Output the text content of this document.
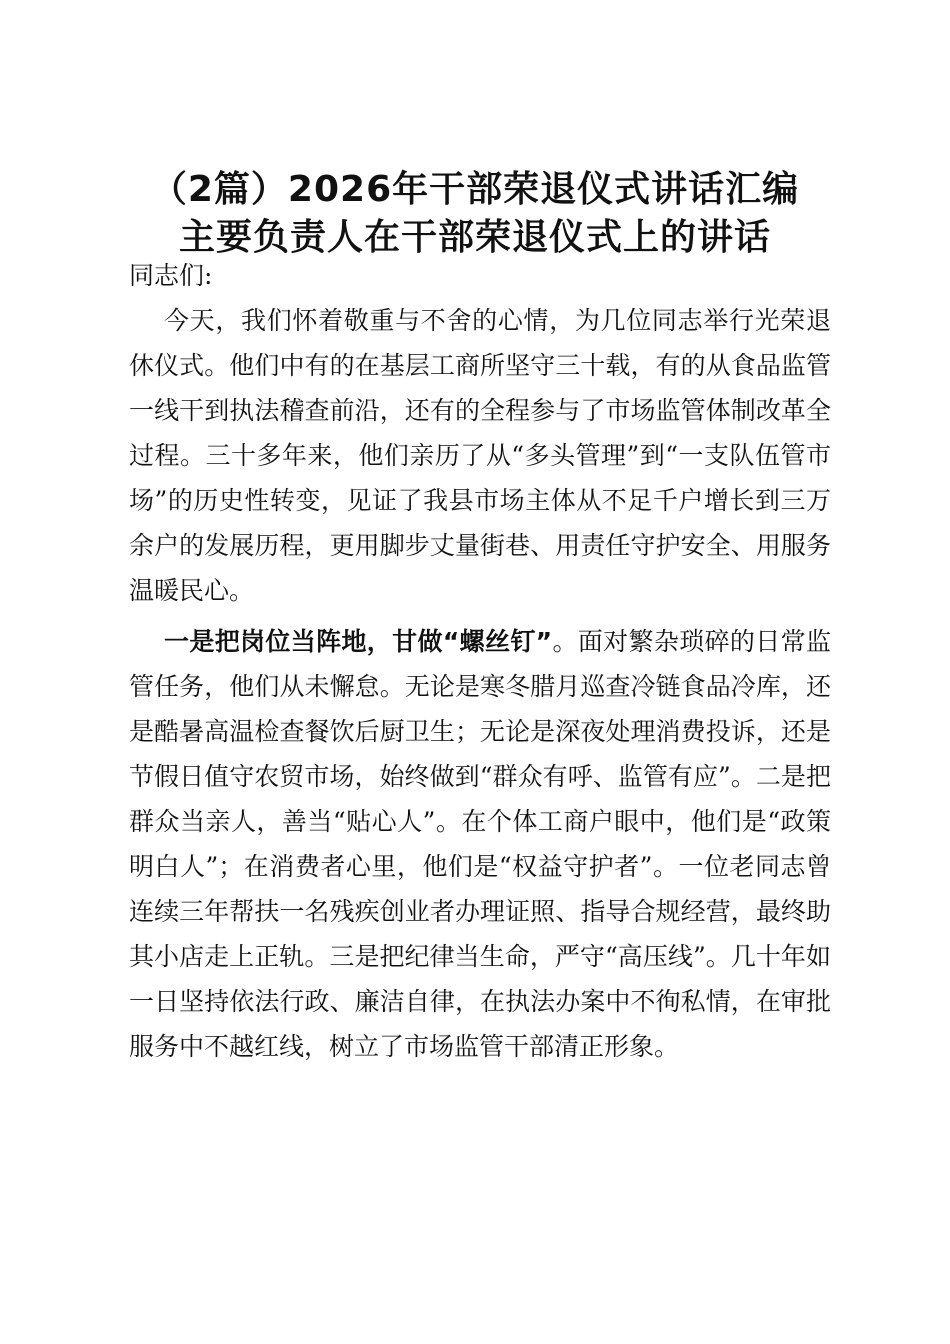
（2篇）2026年干部荣退仪式讲话汇编
主要负责人在干部荣退仪式上的讲话

同志们:

今天，我们怀着敬重与不舍的心情，为几位同志举行光荣退休仪式。他们中有的在基层工商所坚守三十载，有的从食品监管一线干到执法稽查前沿，还有的全程参与了市场监管体制改革全过程。三十多年来，他们亲历了从“多头管理”到“一支队伍管市场”的历史性转变，见证了我县市场主体从不足千户增长到三万余户的发展历程，更用脚步丈量街巷、用责任守护安全、用服务温暖民心。

一是把岗位当阵地，甘做“螺丝钉”。面对繁杂琐碎的日常监管任务，他们从未懈怠。无论是寒冬腊月巡查冷链食品冷库，还是酷暑高温检查餐饮后厨卫生；无论是深夜处理消费投诉，还是节假日值守农贸市场，始终做到“群众有呼、监管有应”。二是把群众当亲人，善当“贴心人”。在个体工商户眼中，他们是“政策明白人”；在消费者心里，他们是“权益守护者”。一位老同志曾连续三年帮扶一名残疾创业者办理证照、指导合规经营，最终助其小店走上正轨。三是把纪律当生命，严守“高压线”。几十年如一日坚持依法行政、廉洁自律，在执法办案中不徇私情，在审批服务中不越红线，树立了市场监管干部清正形象。
